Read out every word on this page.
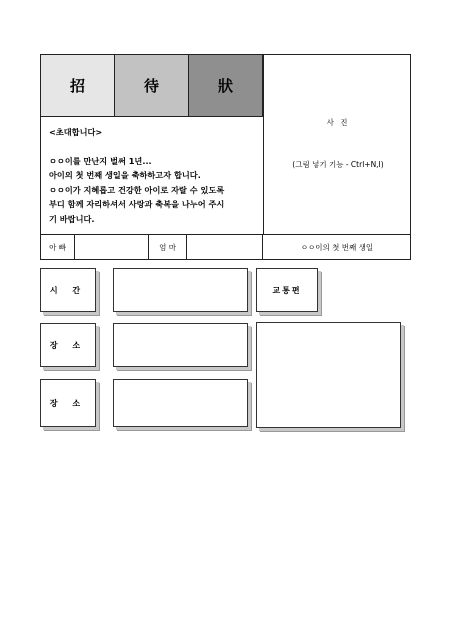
招	待	狀
<초대합니다>
ㅇㅇ이를 만난지 벌써 1년...
아이의 첫 번째 생일을 축하하고자 합니다.
ㅇㅇ이가 지혜롭고 건강한 아이로 자랄 수 있도록
부디 함께 자리하셔서 사랑과 축복을 나누어 주시
기 바랍니다.
사 진
(그림 넣기 기능 - Ctrl+N,I)
아 빠	엄 마	ㅇㅇ이의 첫 번째 생일
시 간	교통편
장 소
장 소
